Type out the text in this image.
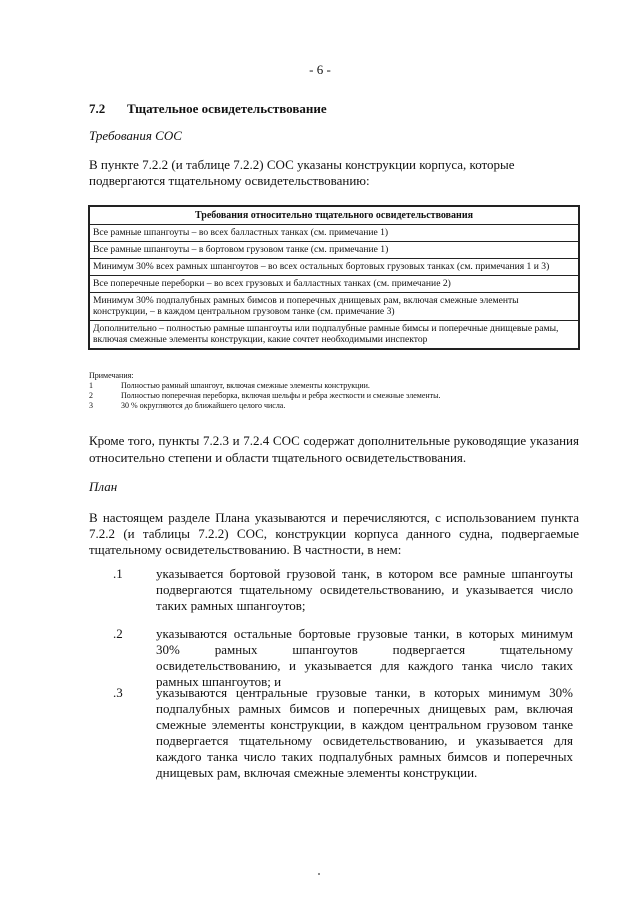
- 6 -
7.2 Тщательное освидетельствование
Требования СОС
В пункте 7.2.2 (и таблице 7.2.2) СОС указаны конструкции корпуса, которые подвергаются тщательному освидетельствованию:
Требования относительно тщательного освидетельствования
Все рамные шпангоуты – во всех балластных танках (см. примечание 1)
Все рамные шпангоуты – в бортовом грузовом танке (см. примечание 1)
Минимум 30% всех рамных шпангоутов – во всех остальных бортовых грузовых танках (см. примечания 1 и 3)
Все поперечные переборки – во всех грузовых и балластных танках (см. примечание 2)
Минимум 30% подпалубных рамных бимсов и поперечных днищевых рам, включая смежные элементы конструкции, – в каждом центральном грузовом танке (см. примечание 3)
Дополнительно – полностью рамные шпангоуты или подпалубные рамные бимсы и поперечные днищевые рамы, включая смежные элементы конструкции, какие сочтет необходимыми инспектор
Примечания:
1	Полностью рамный шпангоут, включая смежные элементы конструкции.
2	Полностью поперечная переборка, включая шельфы и ребра жесткости и смежные элементы.
3	30 % округляются до ближайшего целого числа.
Кроме того, пункты 7.2.3 и 7.2.4 СОС содержат дополнительные руководящие указания относительно степени и области тщательного освидетельствования.
План
В настоящем разделе Плана указываются и перечисляются, с использованием пункта 7.2.2 (и таблицы 7.2.2) СОС, конструкции корпуса данного судна, подвергаемые тщательному освидетельствованию. В частности, в нем:
.1	указывается бортовой грузовой танк, в котором все рамные шпангоуты подвергаются тщательному освидетельствованию, и указывается число таких рамных шпангоутов;
.2	указываются остальные бортовые грузовые танки, в которых минимум 30% рамных шпангоутов подвергается тщательному освидетельствованию, и указывается для каждого танка число таких рамных шпангоутов; и
.3	указываются центральные грузовые танки, в которых минимум 30% подпалубных рамных бимсов и поперечных днищевых рам, включая смежные элементы конструкции, в каждом центральном грузовом танке подвергается тщательному освидетельствованию, и указывается для каждого танка число таких подпалубных рамных бимсов и поперечных днищевых рам, включая смежные элементы конструкции.
